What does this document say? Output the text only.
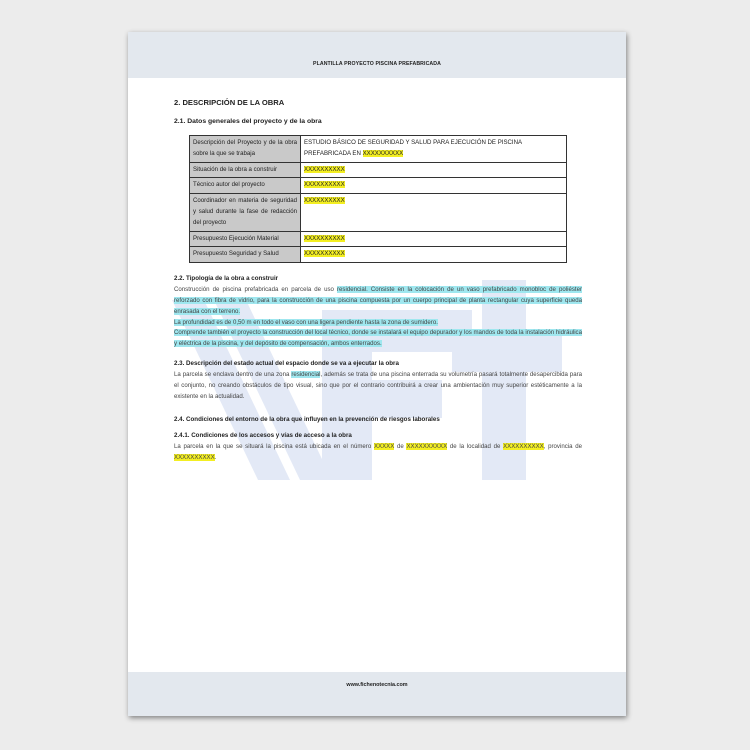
PLANTILLA PROYECTO PISCINA PREFABRICADA
2. DESCRIPCIÓN DE LA OBRA
2.1. Datos generales del proyecto y de la obra
Descripción del Proyecto y de la obra sobre la que se trabaja	ESTUDIO BÁSICO DE SEGURIDAD Y SALUD PARA EJECUCIÓN DE PISCINA PREFABRICADA EN XXXXXXXXXX
Situación de la obra a construir	XXXXXXXXXX
Técnico autor del proyecto	XXXXXXXXXX
Coordinador en materia de seguridad y salud durante la fase de redacción del proyecto	XXXXXXXXXX
Presupuesto Ejecución Material	XXXXXXXXXX
Presupuesto Seguridad y Salud	XXXXXXXXXX
2.2. Tipología de la obra a construir

Construcción de piscina prefabricada en parcela de uso residencial. Consiste en la colocación de un vaso prefabricado monobloc de poliéster reforzado con fibra de vidrio, para la construcción de una piscina compuesta por un cuerpo principal de planta rectangular cuya superficie queda enrasada con el terreno.

La profundidad es de 0,50 m en todo el vaso con una ligera pendiente hasta la zona de sumidero.

Comprende también el proyecto la construcción del local técnico, donde se instalará el equipo depurador y los mandos de toda la instalación hidráulica y eléctrica de la piscina, y del depósito de compensación, ambos enterrados.

2.3. Descripción del estado actual del espacio donde se va a ejecutar la obra

La parcela se enclava dentro de una zona residencial, además se trata de una piscina enterrada su volumetría pasará totalmente desapercibida para el conjunto, no creando obstáculos de tipo visual, sino que por el contrario contribuirá a crear una ambientación muy superior estéticamente a la existente en la actualidad.

2.4. Condiciones del entorno de la obra que influyen en la prevención de riesgos laborales
2.4.1. Condiciones de los accesos y vías de acceso a la obra

La parcela en la que se situará la piscina está ubicada en el número XXXXX de XXXXXXXXXX de la localidad de XXXXXXXXXX, provincia de XXXXXXXXXX.

www.fichenotecnia.com
